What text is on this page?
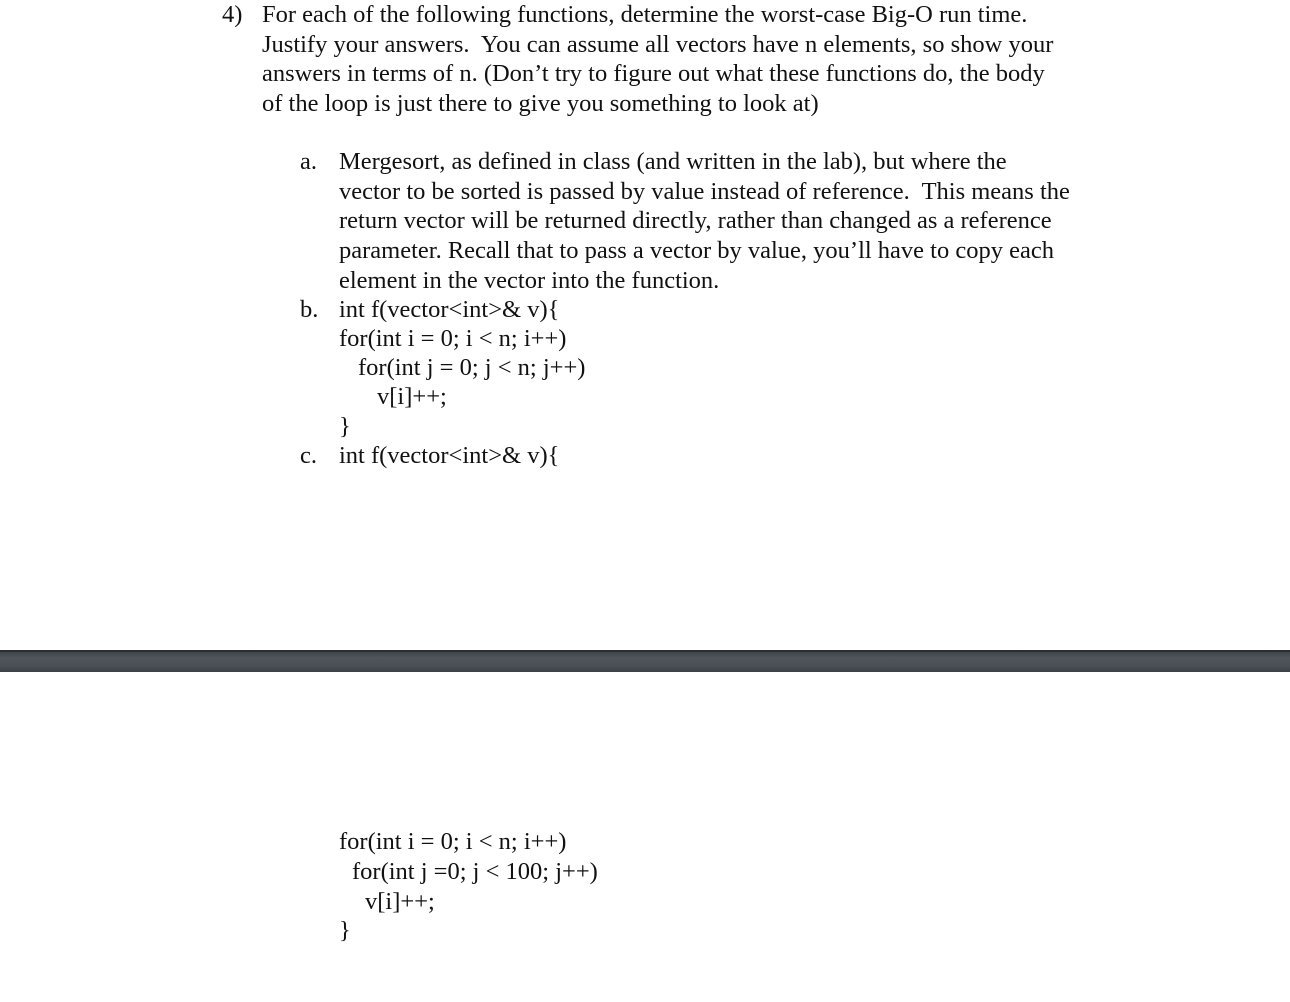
4) For each of the following functions, determine the worst-case Big-O run time.
Justify your answers.  You can assume all vectors have n elements, so show your
answers in terms of n. (Don’t try to figure out what these functions do, the body
of the loop is just there to give you something to look at)
a. Mergesort, as defined in class (and written in the lab), but where the
vector to be sorted is passed by value instead of reference.  This means the
return vector will be returned directly, rather than changed as a reference
parameter. Recall that to pass a vector by value, you’ll have to copy each
element in the vector into the function.
b. int f(vector<int>& v){
for(int i = 0; i < n; i++)
for(int j = 0; j < n; j++)
v[i]++;
}
c. int f(vector<int>& v){
for(int i = 0; i < n; i++)
for(int j =0; j < 100; j++)
v[i]++;
}
